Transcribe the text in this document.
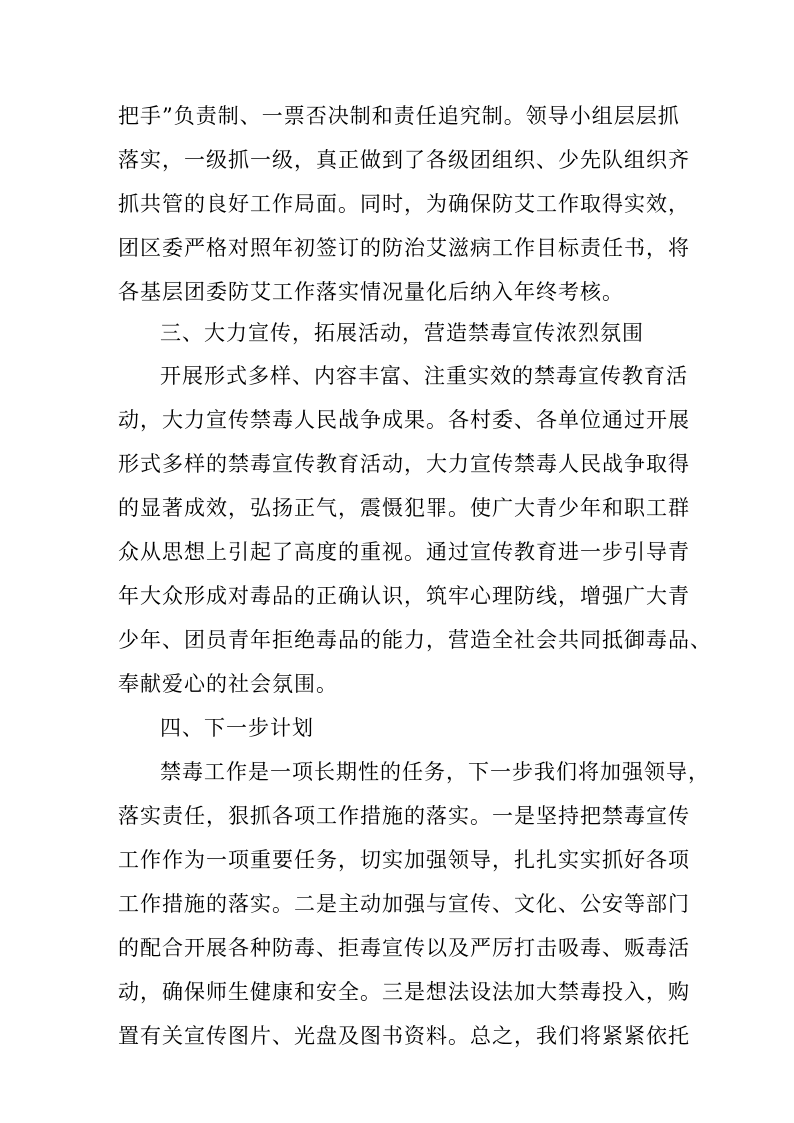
把手”负责制、一票否决制和责任追究制。领导小组层层抓
落实，一级抓一级，真正做到了各级团组织、少先队组织齐
抓共管的良好工作局面。同时，为确保防艾工作取得实效，
团区委严格对照年初签订的防治艾滋病工作目标责任书，将
各基层团委防艾工作落实情况量化后纳入年终考核。
三、大力宣传，拓展活动，营造禁毒宣传浓烈氛围
开展形式多样、内容丰富、注重实效的禁毒宣传教育活
动，大力宣传禁毒人民战争成果。各村委、各单位通过开展
形式多样的禁毒宣传教育活动，大力宣传禁毒人民战争取得
的显著成效，弘扬正气，震慑犯罪。使广大青少年和职工群
众从思想上引起了高度的重视。通过宣传教育进一步引导青
年大众形成对毒品的正确认识，筑牢心理防线，增强广大青
少年、团员青年拒绝毒品的能力，营造全社会共同抵御毒品、
奉献爱心的社会氛围。
四、下一步计划
禁毒工作是一项长期性的任务，下一步我们将加强领导，
落实责任，狠抓各项工作措施的落实。一是坚持把禁毒宣传
工作作为一项重要任务，切实加强领导，扎扎实实抓好各项
工作措施的落实。二是主动加强与宣传、文化、公安等部门
的配合开展各种防毒、拒毒宣传以及严厉打击吸毒、贩毒活
动，确保师生健康和安全。三是想法设法加大禁毒投入，购
置有关宣传图片、光盘及图书资料。总之，我们将紧紧依托
